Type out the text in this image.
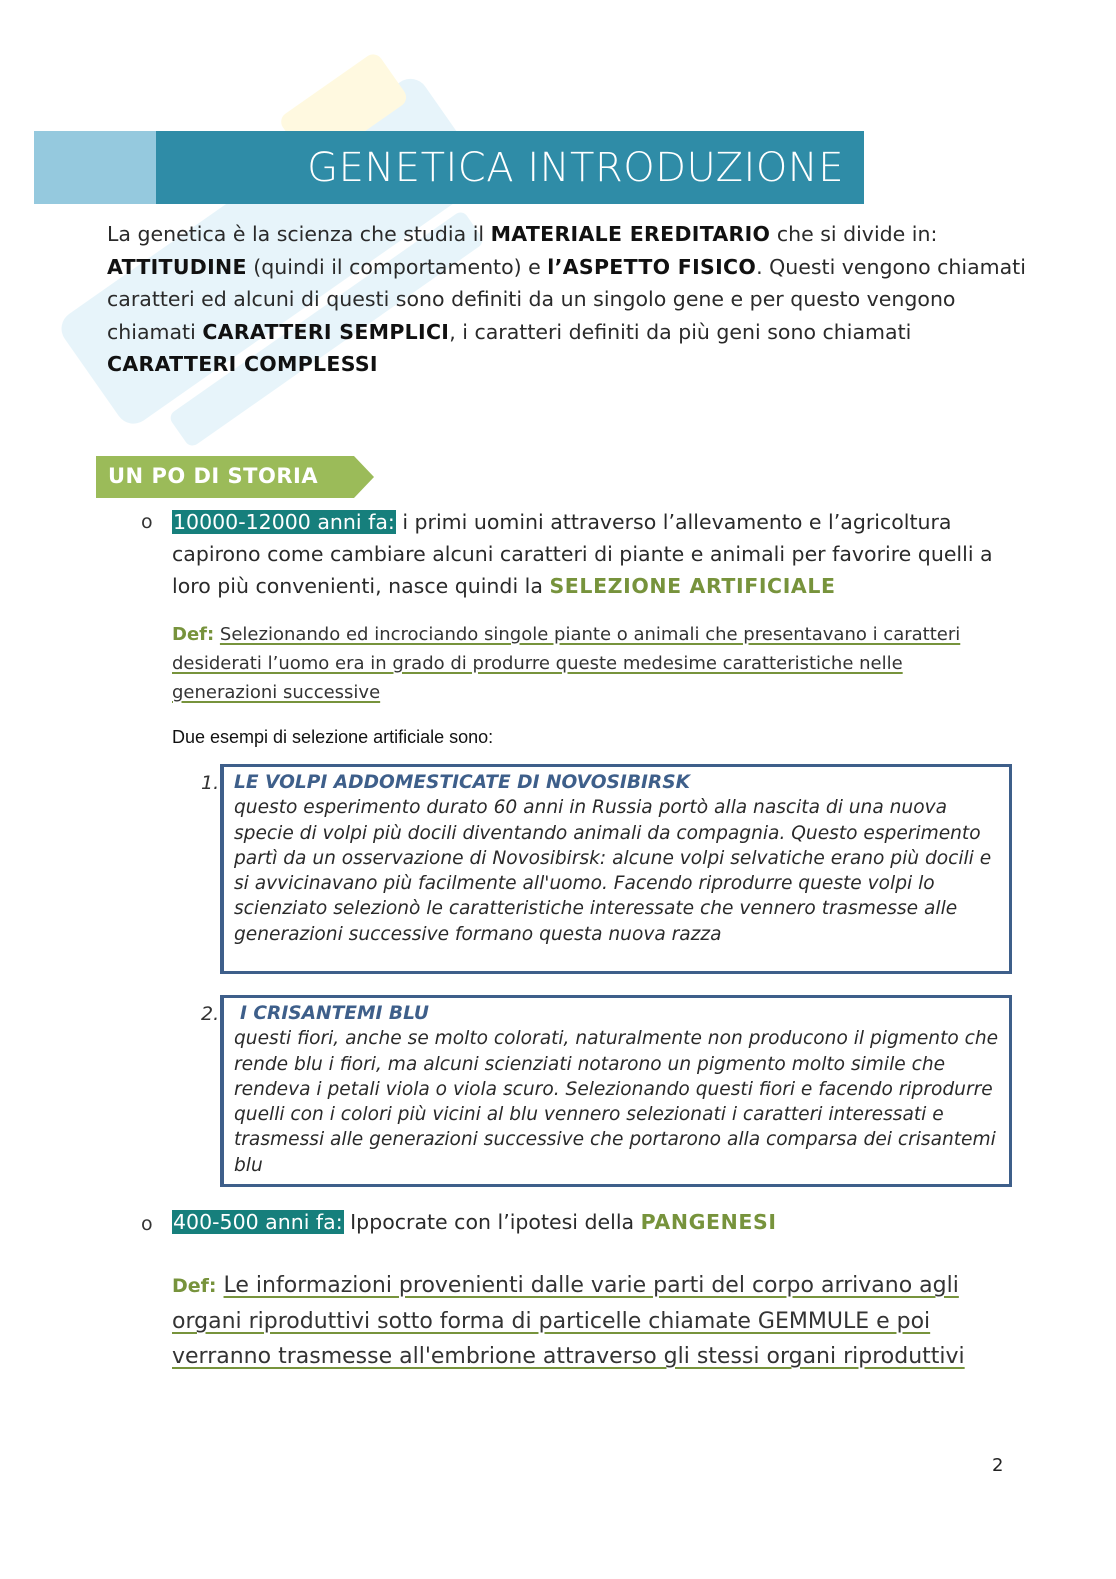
GENETICA INTRODUZIONE
La genetica è la scienza che studia il MATERIALE EREDITARIO che si divide in: ATTITUDINE (quindi il comportamento) e l’ASPETTO FISICO. Questi vengono chiamati caratteri ed alcuni di questi sono definiti da un singolo gene e per questo vengono chiamati CARATTERI SEMPLICI, i caratteri definiti da più geni sono chiamati CARATTERI COMPLESSI
UN PO DI STORIA
o 10000-12000 anni fa: i primi uomini attraverso l’allevamento e l’agricoltura capirono come cambiare alcuni caratteri di piante e animali per favorire quelli a loro più convenienti, nasce quindi la SELEZIONE ARTIFICIALE
Def: Selezionando ed incrociando singole piante o animali che presentavano i caratteri desiderati l’uomo era in grado di produrre queste medesime caratteristiche nelle generazioni successive
Due esempi di selezione artificiale sono:
1. LE VOLPI ADDOMESTICATE DI NOVOSIBIRSK
questo esperimento durato 60 anni in Russia portò alla nascita di una nuova specie di volpi più docili diventando animali da compagnia. Questo esperimento partì da un osservazione di Novosibirsk: alcune volpi selvatiche erano più docili e si avvicinavano più facilmente all'uomo. Facendo riprodurre queste volpi lo scienziato selezionò le caratteristiche interessate che vennero trasmesse alle generazioni successive formano questa nuova razza
2.	I CRISANTEMI BLU
questi fiori, anche se molto colorati, naturalmente non producono il pigmento che rende blu i fiori, ma alcuni scienziati notarono un pigmento molto simile che rendeva i petali viola o viola scuro. Selezionando questi fiori e facendo riprodurre quelli con i colori più vicini al blu vennero selezionati i caratteri interessati e trasmessi alle generazioni successive che portarono alla comparsa dei crisantemi blu
o 400-500 anni fa: Ippocrate con l’ipotesi della PANGENESI
Def: Le informazioni provenienti dalle varie parti del corpo arrivano agli organi riproduttivi sotto forma di particelle chiamate GEMMULE e poi verranno trasmesse all'embrione attraverso gli stessi organi riproduttivi
2
